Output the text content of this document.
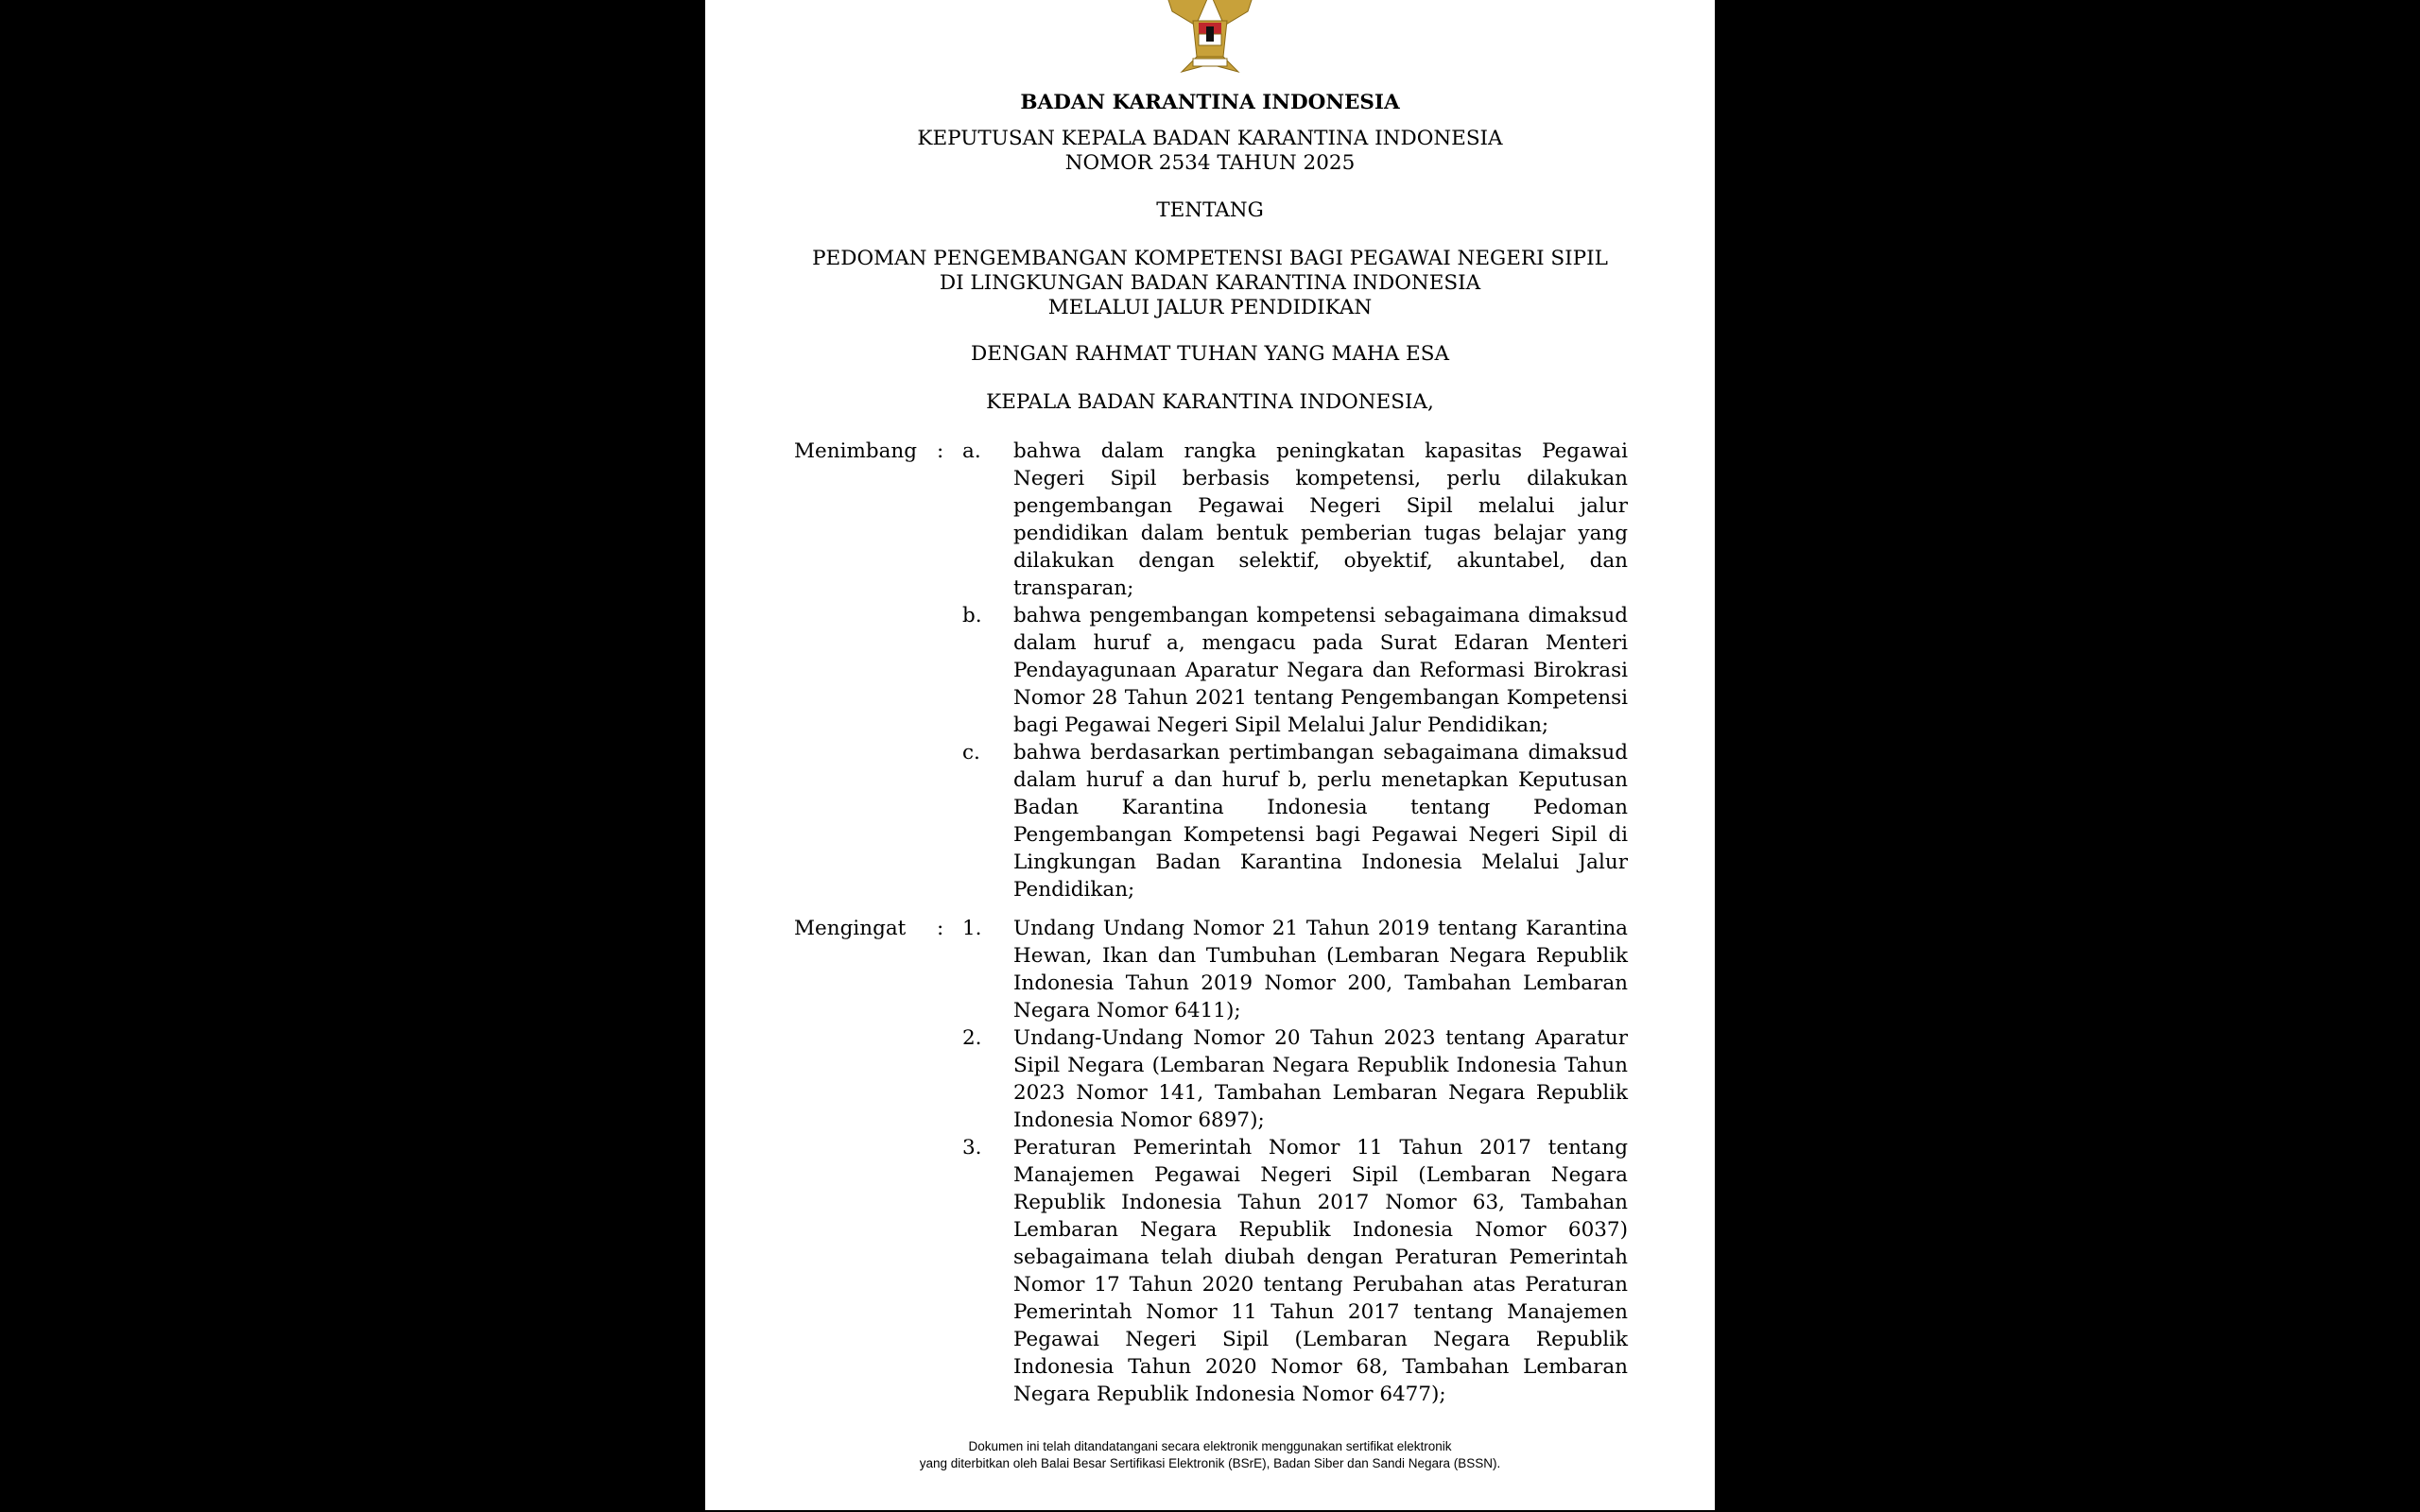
BADAN KARANTINA INDONESIA
KEPUTUSAN KEPALA BADAN KARANTINA INDONESIA
NOMOR 2534 TAHUN 2025
TENTANG
PEDOMAN PENGEMBANGAN KOMPETENSI BAGI PEGAWAI NEGERI SIPIL
DI LINGKUNGAN BADAN KARANTINA INDONESIA
MELALUI JALUR PENDIDIKAN
DENGAN RAHMAT TUHAN YANG MAHA ESA
KEPALA BADAN KARANTINA INDONESIA,
Menimbang : a.	bahwa dalam rangka peningkatan kapasitas Pegawai Negeri Sipil berbasis kompetensi, perlu dilakukan pengembangan Pegawai Negeri Sipil melalui jalur pendidikan dalam bentuk pemberian tugas belajar yang dilakukan dengan selektif, obyektif, akuntabel, dan transparan;
b.	bahwa pengembangan kompetensi sebagaimana dimaksud dalam huruf a, mengacu pada Surat Edaran Menteri Pendayagunaan Aparatur Negara dan Reformasi Birokrasi Nomor 28 Tahun 2021 tentang Pengembangan Kompetensi bagi Pegawai Negeri Sipil Melalui Jalur Pendidikan;
c.	bahwa berdasarkan pertimbangan sebagaimana dimaksud dalam huruf a dan huruf b, perlu menetapkan Keputusan Badan Karantina Indonesia tentang Pedoman Pengembangan Kompetensi bagi Pegawai Negeri Sipil di Lingkungan Badan Karantina Indonesia Melalui Jalur Pendidikan;
Mengingat : 1.	Undang Undang Nomor 21 Tahun 2019 tentang Karantina Hewan, Ikan dan Tumbuhan (Lembaran Negara Republik Indonesia Tahun 2019 Nomor 200, Tambahan Lembaran Negara Nomor 6411);
2.	Undang-Undang Nomor 20 Tahun 2023 tentang Aparatur Sipil Negara (Lembaran Negara Republik Indonesia Tahun 2023 Nomor 141, Tambahan Lembaran Negara Republik Indonesia Nomor 6897);
3.	Peraturan Pemerintah Nomor 11 Tahun 2017 tentang Manajemen Pegawai Negeri Sipil (Lembaran Negara Republik Indonesia Tahun 2017 Nomor 63, Tambahan Lembaran Negara Republik Indonesia Nomor 6037) sebagaimana telah diubah dengan Peraturan Pemerintah Nomor 17 Tahun 2020 tentang Perubahan atas Peraturan Pemerintah Nomor 11 Tahun 2017 tentang Manajemen Pegawai Negeri Sipil (Lembaran Negara Republik Indonesia Tahun 2020 Nomor 68, Tambahan Lembaran Negara Republik Indonesia Nomor 6477);
Dokumen ini telah ditandatangani secara elektronik menggunakan sertifikat elektronik
yang diterbitkan oleh Balai Besar Sertifikasi Elektronik (BSrE), Badan Siber dan Sandi Negara (BSSN).
